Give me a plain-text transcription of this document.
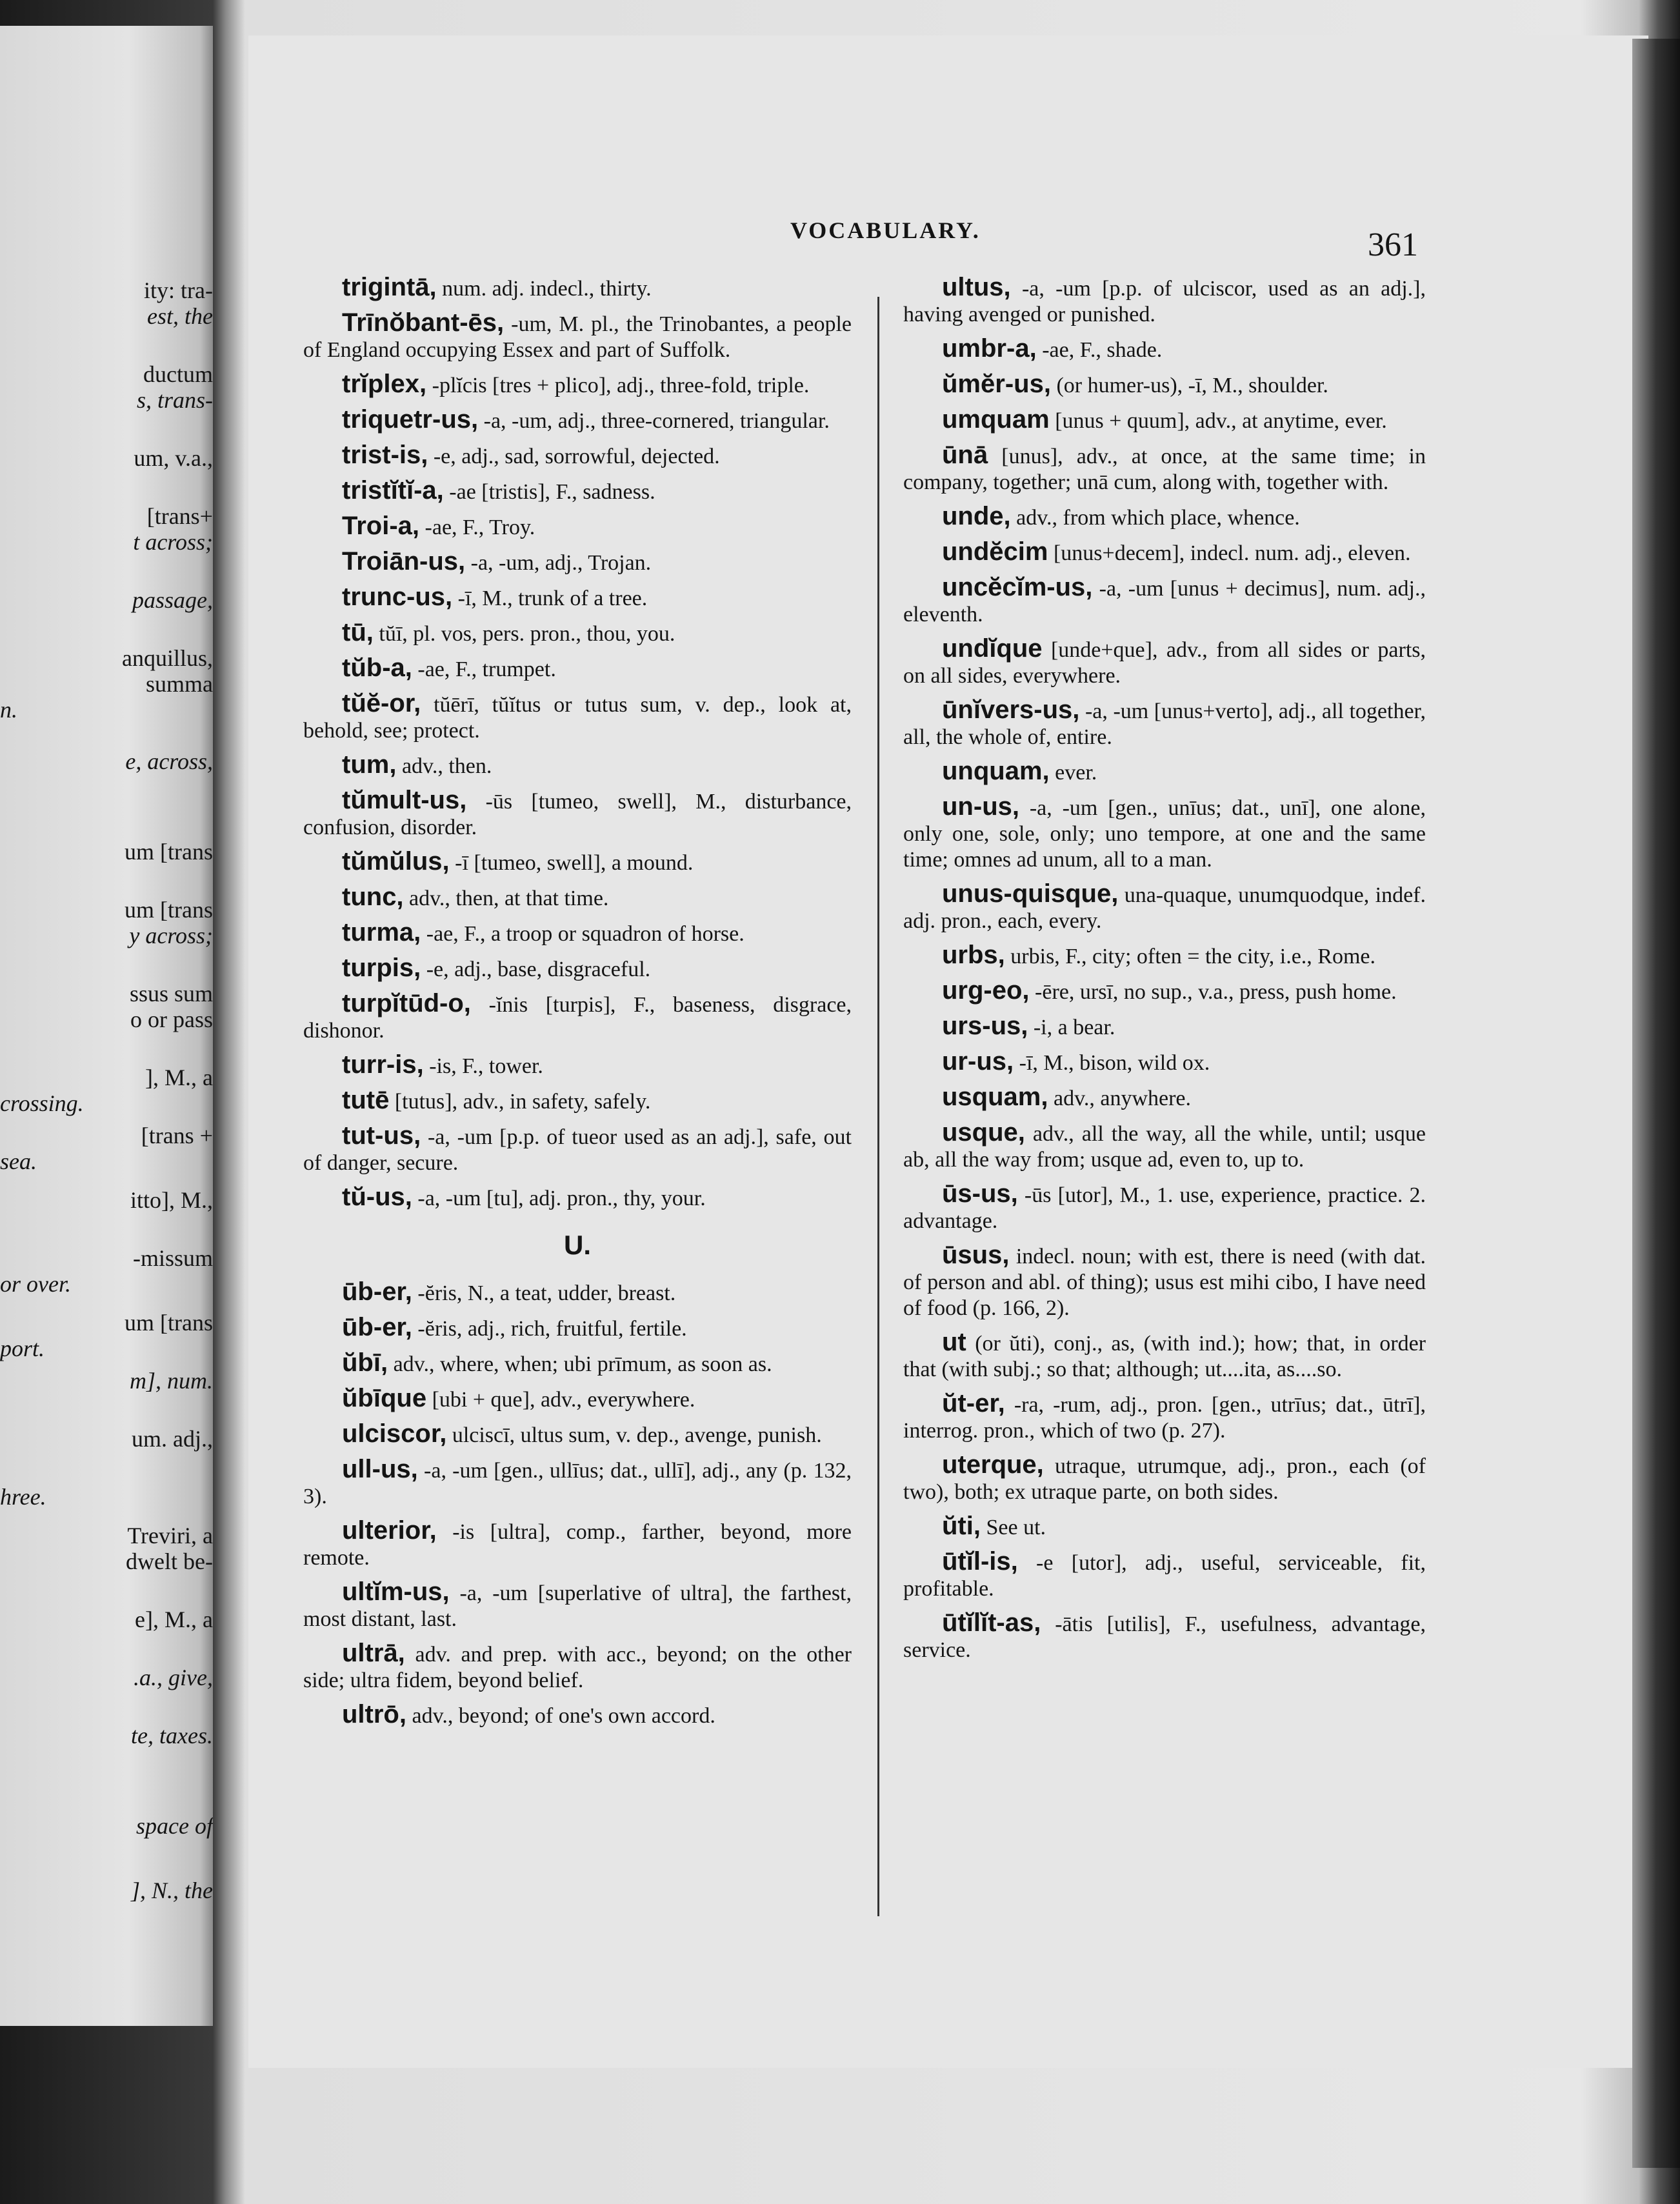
ity: tra-
est, the
ductum
s, trans-
um, v.a.,
[trans+
t across;
passage,
anquillus,
summa
n.
e, across,
um [trans
um [trans
y across;
ssus sum
o or pass
], M., a
crossing.
[trans +
sea.
itto], M.,
-missum
or over.
um [trans
port.
m], num.
um. adj.,
hree.
Treviri, a
dwelt be-
e], M., a
.a., give,
te, taxes.
space of
], N., the
VOCABULARY.	361

trigintā, num. adj. indecl., thirty.

Trīnŏbant-ēs, -um, M. pl., the Trinobantes, a people of England occupying Essex and part of Suffolk.

trĭplex, -plĭcis [tres + plico], adj., three-fold, triple.

triquetr-us, -a, -um, adj., three-cornered, triangular.

trist-is, -e, adj., sad, sorrowful, dejected.

tristĭtĭ-a, -ae [tristis], F., sadness.

Troi-a, -ae, F., Troy.

Troiān-us, -a, -um, adj., Trojan.

trunc-us, -ī, M., trunk of a tree.

tū, tŭī, pl. vos, pers. pron., thou, you.

tŭb-a, -ae, F., trumpet.

tŭĕ-or, tŭērī, tŭĭtus or tutus sum, v. dep., look at, behold, see; protect.

tum, adv., then.

tŭmult-us, -ūs [tumeo, swell], M., disturbance, confusion, disorder.

tŭmŭlus, -ī [tumeo, swell], a mound.

tunc, adv., then, at that time.

turma, -ae, F., a troop or squadron of horse.

turpis, -e, adj., base, disgraceful.

turpĭtūd-o, -ĭnis [turpis], F., baseness, disgrace, dishonor.

turr-is, -is, F., tower.

tutē [tutus], adv., in safety, safely.

tut-us, -a, -um [p.p. of tueor used as an adj.], safe, out of danger, secure.

tŭ-us, -a, -um [tu], adj. pron., thy, your.

U.

ūb-er, -ĕris, N., a teat, udder, breast.

ūb-er, -ĕris, adj., rich, fruitful, fertile.

ŭbī, adv., where, when; ubi prīmum, as soon as.

ŭbīque [ubi + que], adv., everywhere.

ulciscor, ulciscī, ultus sum, v. dep., avenge, punish.

ull-us, -a, -um [gen., ullīus; dat., ullī], adj., any (p. 132, 3).

ulterior, -is [ultra], comp., farther, beyond, more remote.

ultĭm-us, -a, -um [superlative of ultra], the farthest, most distant, last.

ultrā, adv. and prep. with acc., beyond; on the other side; ultra fidem, beyond belief.

ultrō, adv., beyond; of one's own accord.

ultus, -a, -um [p.p. of ulciscor, used as an adj.], having avenged or punished.

umbr-a, -ae, F., shade.

ŭmĕr-us, (or humer-us), -ī, M., shoulder.

umquam [unus + quum], adv., at anytime, ever.

ūnā [unus], adv., at once, at the same time; in company, together; unā cum, along with, together with.

unde, adv., from which place, whence.

undĕcim [unus+decem], indecl. num. adj., eleven.

uncĕcĭm-us, -a, -um [unus + decimus], num. adj., eleventh.

undĭque [unde+que], adv., from all sides or parts, on all sides, everywhere.

ūnĭvers-us, -a, -um [unus+verto], adj., all together, all, the whole of, entire.

unquam, ever.

un-us, -a, -um [gen., unīus; dat., unī], one alone, only one, sole, only; uno tempore, at one and the same time; omnes ad unum, all to a man.

unus-quisque, una-quaque, unumquodque, indef. adj. pron., each, every.

urbs, urbis, F., city; often = the city, i.e., Rome.

urg-eo, -ēre, ursī, no sup., v.a., press, push home.

urs-us, -i, a bear.

ur-us, -ī, M., bison, wild ox.

usquam, adv., anywhere.

usque, adv., all the way, all the while, until; usque ab, all the way from; usque ad, even to, up to.

ūs-us, -ūs [utor], M., 1. use, experience, practice. 2. advantage.

ūsus, indecl. noun; with est, there is need (with dat. of person and abl. of thing); usus est mihi cibo, I have need of food (p. 166, 2).

ut (or ŭti), conj., as, (with ind.); how; that, in order that (with subj.; so that; although; ut....ita, as....so.

ŭt-er, -ra, -rum, adj., pron. [gen., utrīus; dat., ūtrī], interrog. pron., which of two (p. 27).

uterque, utraque, utrumque, adj., pron., each (of two), both; ex utraque parte, on both sides.

ŭti, See ut.

ūtĭl-is, -e [utor], adj., useful, serviceable, fit, profitable.

ūtĭlĭt-as, -ātis [utilis], F., usefulness, advantage, service.
